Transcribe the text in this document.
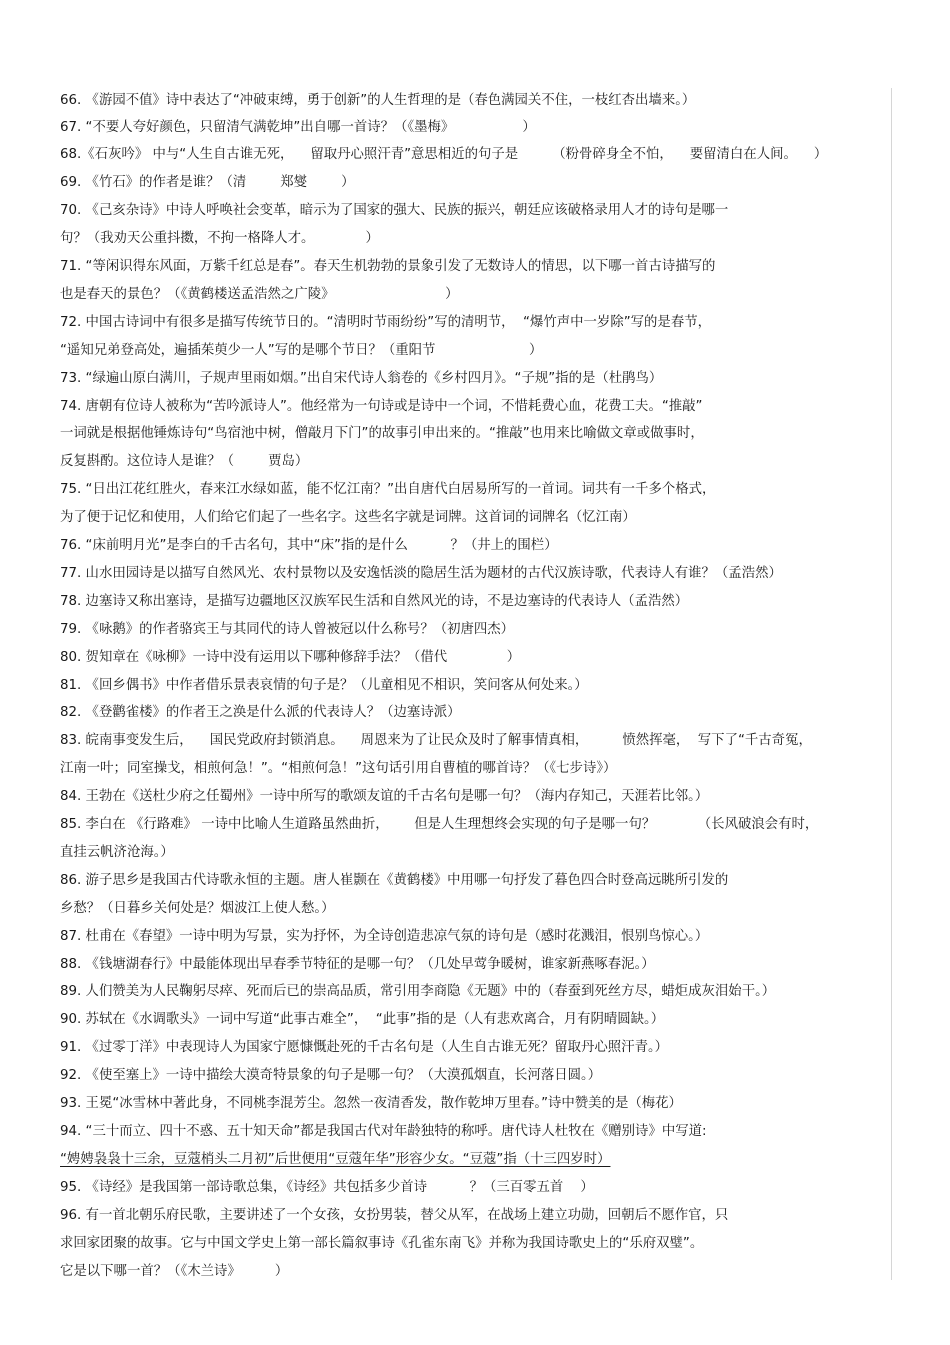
66. 《游园不值》诗中表达了“冲破束缚，勇于创新”的人生哲理的是（春色满园关不住，一枝红杏出墙来。）
67. “不要人夸好颜色，只留清气满乾坤”出自哪一首诗？（《墨梅》                ）
68.《石灰吟》 中与“人生自古谁无死，    留取丹心照汗青”意思相近的句子是        （粉骨碎身全不怕，    要留清白在人间。    ）
69. 《竹石》的作者是谁？（清        郑燮        ）
70. 《己亥杂诗》中诗人呼唤社会变革，暗示为了国家的强大、民族的振兴，朝廷应该破格录用人才的诗句是哪一
句？（我劝天公重抖擞，不拘一格降人才。            ）
71. “等闲识得东风面，万紫千红总是春”。春天生机勃勃的景象引发了无数诗人的情思，以下哪一首古诗描写的
也是春天的景色？（《黄鹤楼送孟浩然之广陵》                          ）
72. 中国古诗词中有很多是描写传统节日的。“清明时节雨纷纷”写的清明节，  “爆竹声中一岁除”写的是春节，
“遥知兄弟登高处，遍插茱萸少一人”写的是哪个节日？（重阳节                      ）
73. “绿遍山原白满川，子规声里雨如烟。”出自宋代诗人翁卷的《乡村四月》。“子规”指的是（杜鹃鸟）
74. 唐朝有位诗人被称为“苦吟派诗人”。他经常为一句诗或是诗中一个词，不惜耗费心血，花费工夫。“推敲”
一词就是根据他锤炼诗句“鸟宿池中树，僧敲月下门”的故事引申出来的。“推敲”也用来比喻做文章或做事时，
反复斟酌。这位诗人是谁？（        贾岛）
75. “日出江花红胜火，春来江水绿如蓝，能不忆江南？”出自唐代白居易所写的一首词。词共有一千多个格式，
为了便于记忆和使用，人们给它们起了一些名字。这些名字就是词牌。这首词的词牌名（忆江南）
76. “床前明月光”是李白的千古名句，其中“床”指的是什么          ？（井上的围栏）
77. 山水田园诗是以描写自然风光、农村景物以及安逸恬淡的隐居生活为题材的古代汉族诗歌，代表诗人有谁？（孟浩然）
78. 边塞诗又称出塞诗，是描写边疆地区汉族军民生活和自然风光的诗，不是边塞诗的代表诗人（孟浩然）
79. 《咏鹅》的作者骆宾王与其同代的诗人曾被冠以什么称号？（初唐四杰）
80. 贺知章在《咏柳》一诗中没有运用以下哪种修辞手法？（借代              ）
81. 《回乡偶书》中作者借乐景表哀情的句子是？（儿童相见不相识，笑问客从何处来。）
82. 《登鹳雀楼》的作者王之涣是什么派的代表诗人？（边塞诗派）
83. 皖南事变发生后，    国民党政府封锁消息。    周恩来为了让民众及时了解事情真相，        愤然挥毫，  写下了“千古奇冤，
江南一叶；同室操戈，相煎何急！”。“相煎何急！”这句话引用自曹植的哪首诗？（《七步诗》）
84. 王勃在《送杜少府之任蜀州》一诗中所写的歌颂友谊的千古名句是哪一句？（海内存知己，天涯若比邻。）
85. 李白在 《行路难》 一诗中比喻人生道路虽然曲折，      但是人生理想终会实现的句子是哪一句？          （长风破浪会有时，
直挂云帆济沧海。）
86. 游子思乡是我国古代诗歌永恒的主题。唐人崔颢在《黄鹤楼》中用哪一句抒发了暮色四合时登高远眺所引发的
乡愁？（日暮乡关何处是？烟波江上使人愁。）
87. 杜甫在《春望》一诗中明为写景，实为抒怀，为全诗创造悲凉气氛的诗句是（感时花溅泪，恨别鸟惊心。）
88. 《钱塘湖春行》中最能体现出早春季节特征的是哪一句？（几处早莺争暖树，谁家新燕啄春泥。）
89. 人们赞美为人民鞠躬尽瘁、死而后已的崇高品质，常引用李商隐《无题》中的（春蚕到死丝方尽，蜡炬成灰泪始干。）
90. 苏轼在《水调歌头》一词中写道“此事古难全”，  “此事”指的是（人有悲欢离合，月有阴晴圆缺。）
91. 《过零丁洋》中表现诗人为国家宁愿慷慨赴死的千古名句是（人生自古谁无死？留取丹心照汗青。）
92. 《使至塞上》一诗中描绘大漠奇特景象的句子是哪一句？（大漠孤烟直，长河落日圆。）
93. 王冕“冰雪林中著此身，不同桃李混芳尘。忽然一夜清香发，散作乾坤万里春。”诗中赞美的是（梅花）
94. “三十而立、四十不惑、五十知天命”都是我国古代对年龄独特的称呼。唐代诗人杜牧在《赠别诗》中写道:
“娉娉袅袅十三余，豆蔻梢头二月初”后世便用“豆蔻年华”形容少女。“豆蔻”指（十三四岁时）
95. 《诗经》是我国第一部诗歌总集，《诗经》共包括多少首诗          ？（三百零五首    ）
96. 有一首北朝乐府民歌，主要讲述了一个女孩，女扮男装，替父从军，在战场上建立功勋，回朝后不愿作官，只
求回家团聚的故事。它与中国文学史上第一部长篇叙事诗《孔雀东南飞》并称为我国诗歌史上的“乐府双璧”。
它是以下哪一首？（《木兰诗》        ）
